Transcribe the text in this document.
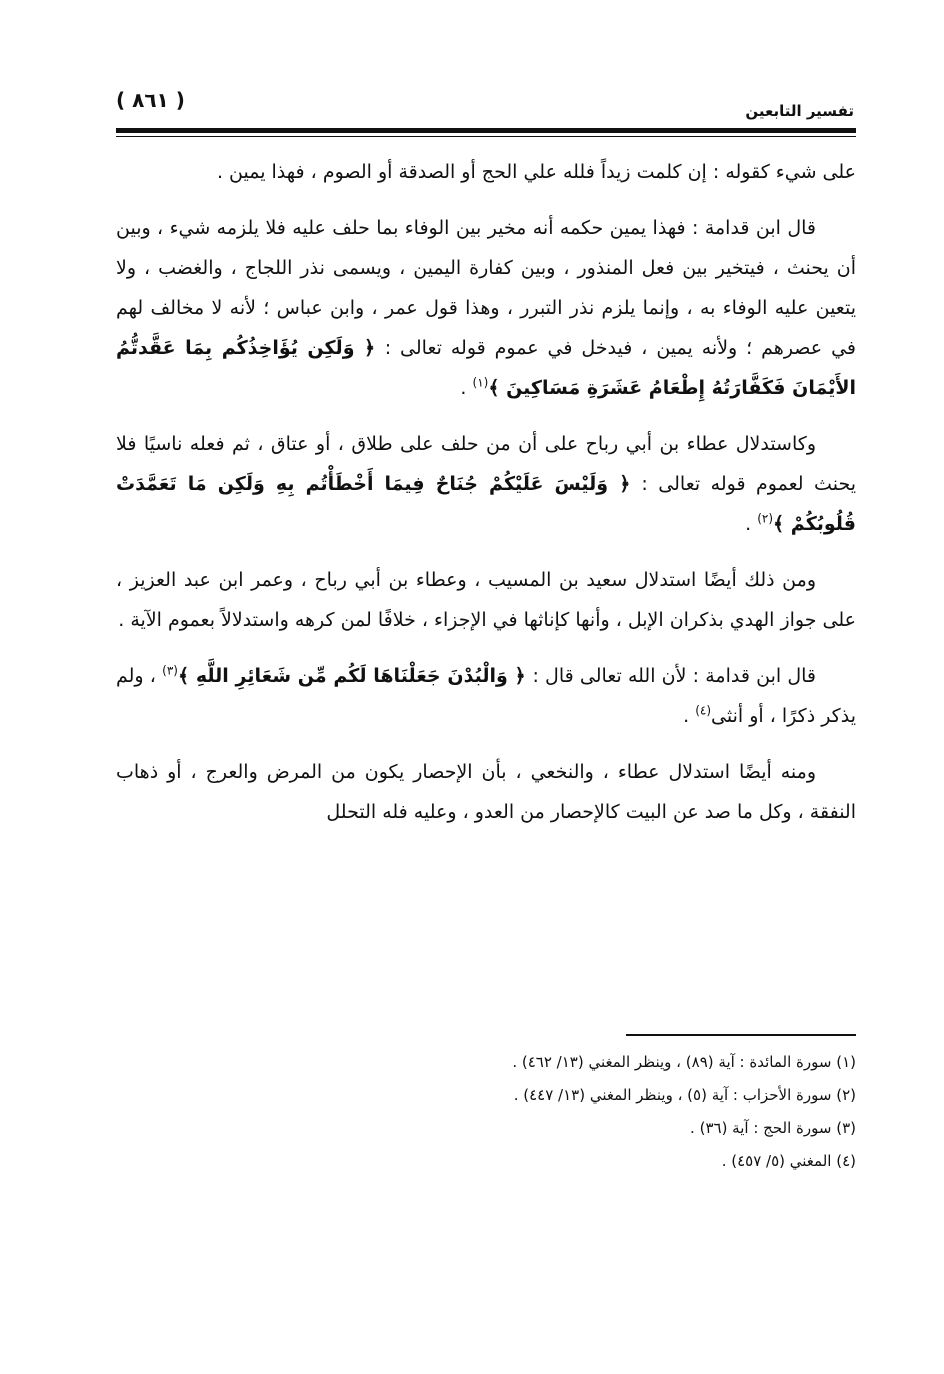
( ٨٦١ )	تفسير التابعين

على شيء كقوله : إن كلمت زيداً فلله علي الحج أو الصدقة أو الصوم ، فهذا يمين .

قال ابن قدامة : فهذا يمين حكمه أنه مخير بين الوفاء بما حلف عليه فلا يلزمه شيء ، وبين أن يحنث ، فيتخير بين فعل المنذور ، وبين كفارة اليمين ، ويسمى نذر اللجاج ، والغضب ، ولا يتعين عليه الوفاء به ، وإنما يلزم نذر التبرر ، وهذا قول عمر ، وابن عباس ؛ لأنه لا مخالف لهم في عصرهم ؛ ولأنه يمين ، فيدخل في عموم قوله تعالى : ﴿ وَلَكِن يُؤَاخِذُكُم بِمَا عَقَّدتُّمُ الأَيْمَانَ فَكَفَّارَتُهُ إِطْعَامُ عَشَرَةِ مَسَاكِينَ ﴾$^{(١)}$ .

وكاستدلال عطاء بن أبي رباح على أن من حلف على طلاق ، أو عتاق ، ثم فعله ناسيًا فلا يحنث لعموم قوله تعالى : ﴿ وَلَيْسَ عَلَيْكُمْ جُنَاحٌ فِيمَا أَخْطَأْتُم بِهِ وَلَكِن مَا تَعَمَّدَتْ قُلُوبُكُمْ ﴾$^{(٢)}$ .

ومن ذلك أيضًا استدلال سعيد بن المسيب ، وعطاء بن أبي رباح ، وعمر ابن عبد العزيز ، على جواز الهدي بذكران الإبل ، وأنها كإناثها في الإجزاء ، خلافًا لمن كرهه واستدلالاً بعموم الآية .

قال ابن قدامة : لأن الله تعالى قال : ﴿ وَالْبُدْنَ جَعَلْنَاهَا لَكُم مِّن شَعَائِرِ اللَّهِ ﴾$^{(٣)}$ ، ولم يذكر ذكرًا ، أو أنثى$^{(٤)}$ .

ومنه أيضًا استدلال عطاء ، والنخعي ، بأن الإحصار يكون من المرض والعرج ، أو ذهاب النفقة ، وكل ما صد عن البيت كالإحصار من العدو ، وعليه فله التحلل

(١) سورة المائدة : آية (٨٩) ، وينظر المغني (١٣/ ٤٦٢) .
(٢) سورة الأحزاب : آية (٥) ، وينظر المغني (١٣/ ٤٤٧) .
(٣) سورة الحج : آية (٣٦) .
(٤) المغني (٥/ ٤٥٧) .
